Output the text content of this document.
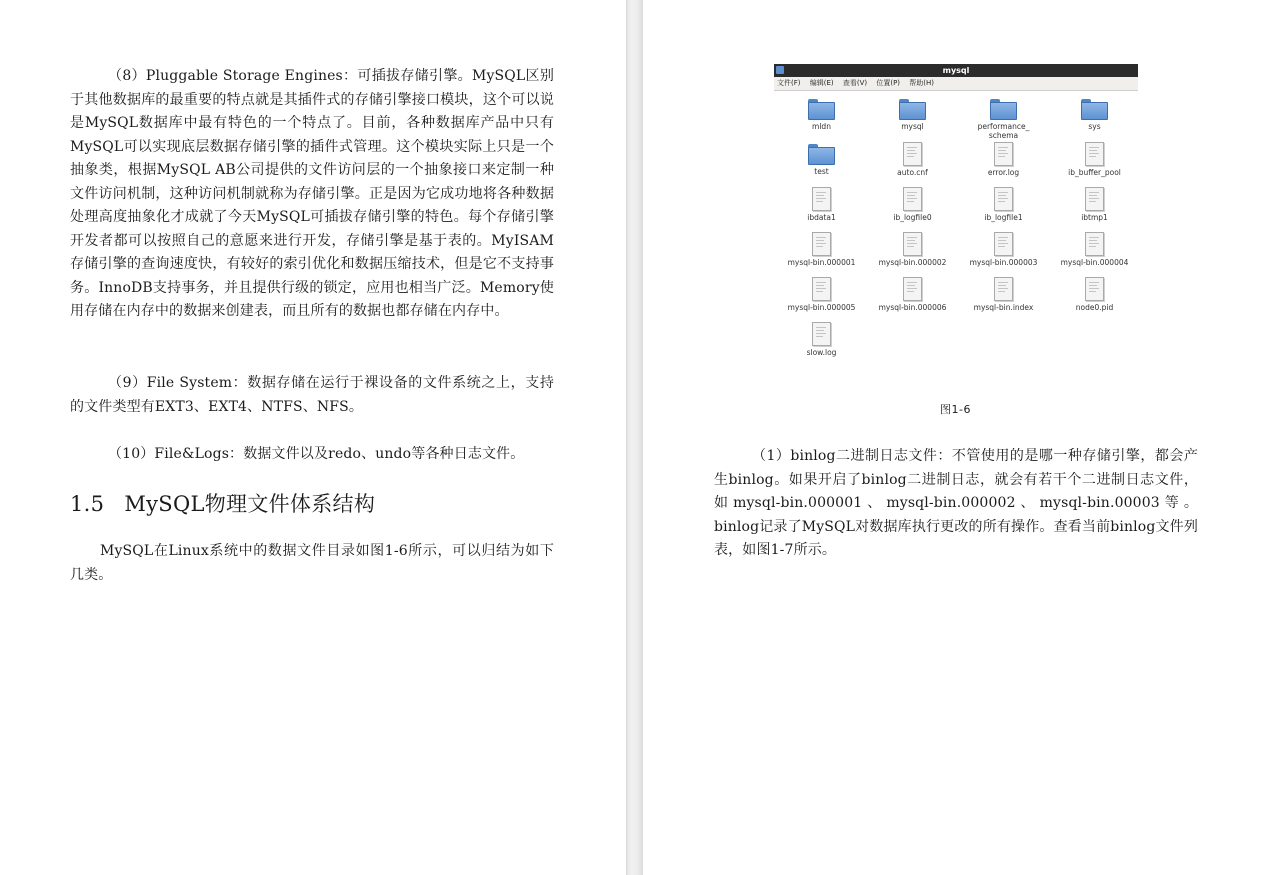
（8）Pluggable Storage Engines：可插拔存储引擎。MySQL区别于其他数据库的最重要的特点就是其插件式的存储引擎接口模块，这个可以说是MySQL数据库中最有特色的一个特点了。目前，各种数据库产品中只有MySQL可以实现底层数据存储引擎的插件式管理。这个模块实际上只是一个抽象类，根据MySQL AB公司提供的文件访问层的一个抽象接口来定制一种文件访问机制，这种访问机制就称为存储引擎。正是因为它成功地将各种数据处理高度抽象化才成就了今天MySQL可插拔存储引擎的特色。每个存储引擎开发者都可以按照自己的意愿来进行开发，存储引擎是基于表的。MyISAM存储引擎的查询速度快，有较好的索引优化和数据压缩技术，但是它不支持事务。InnoDB支持事务，并且提供行级的锁定，应用也相当广泛。Memory使用存储在内存中的数据来创建表，而且所有的数据也都存储在内存中。

（9）File System：数据存储在运行于裸设备的文件系统之上，支持的文件类型有EXT3、EXT4、NTFS、NFS。

（10）File&Logs：数据文件以及redo、undo等各种日志文件。

1.5 MySQL物理文件体系结构

MySQL在Linux系统中的数据文件目录如图1-6所示，可以归结为如下几类。

mysql
文件(F) 编辑(E) 查看(V) 位置(P) 帮助(H)
mldn	mysql	performance_
schema
sys
test	auto.cnf	error.log	ib_buffer_pool
ibdata1	ib_logfile0	ib_logfile1	ibtmp1
mysql-bin.000001	mysql-bin.000002	mysql-bin.000003	mysql-bin.000004
mysql-bin.000005	mysql-bin.000006	mysql-bin.index	node0.pid
slow.log

图1-6

（1）binlog二进制日志文件：不管使用的是哪一种存储引擎，都会产生binlog。如果开启了binlog二进制日志，就会有若干个二进制日志文件，如mysql-bin.000001、mysql-bin.000002、mysql-bin.00003等。binlog记录了MySQL对数据库执行更改的所有操作。查看当前binlog文件列表，如图1-7所示。
